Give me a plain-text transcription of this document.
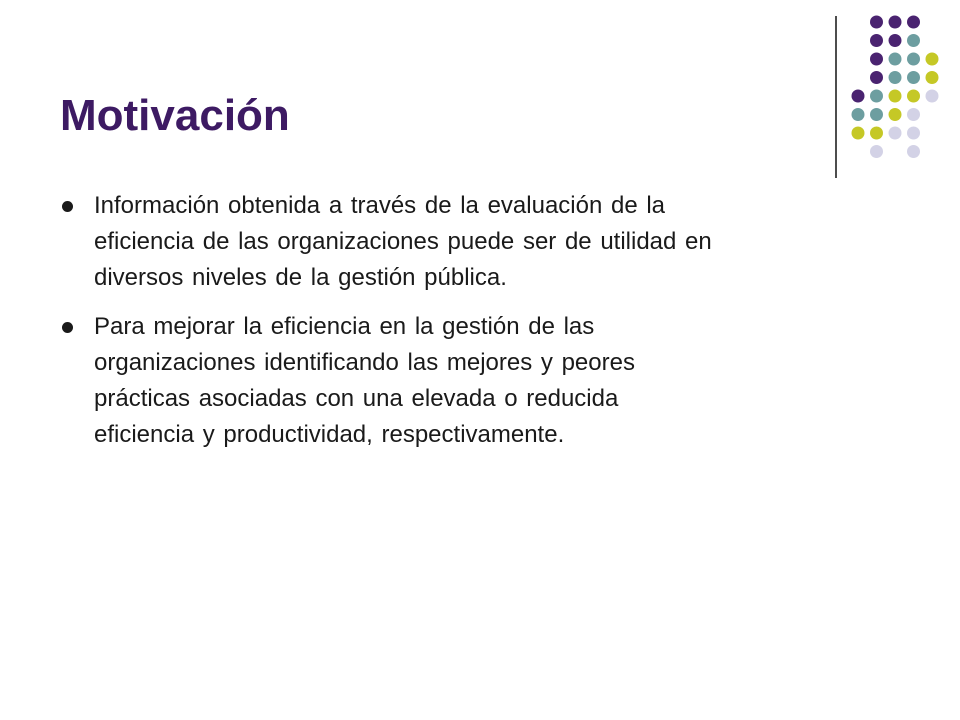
Motivación
Información obtenida a través de la evaluación de la
eficiencia de las organizaciones puede ser de utilidad en
diversos niveles de la gestión pública.
Para mejorar la eficiencia en la gestión de las
organizaciones identificando las mejores y peores
prácticas asociadas con una elevada o reducida
eficiencia y productividad, respectivamente.
